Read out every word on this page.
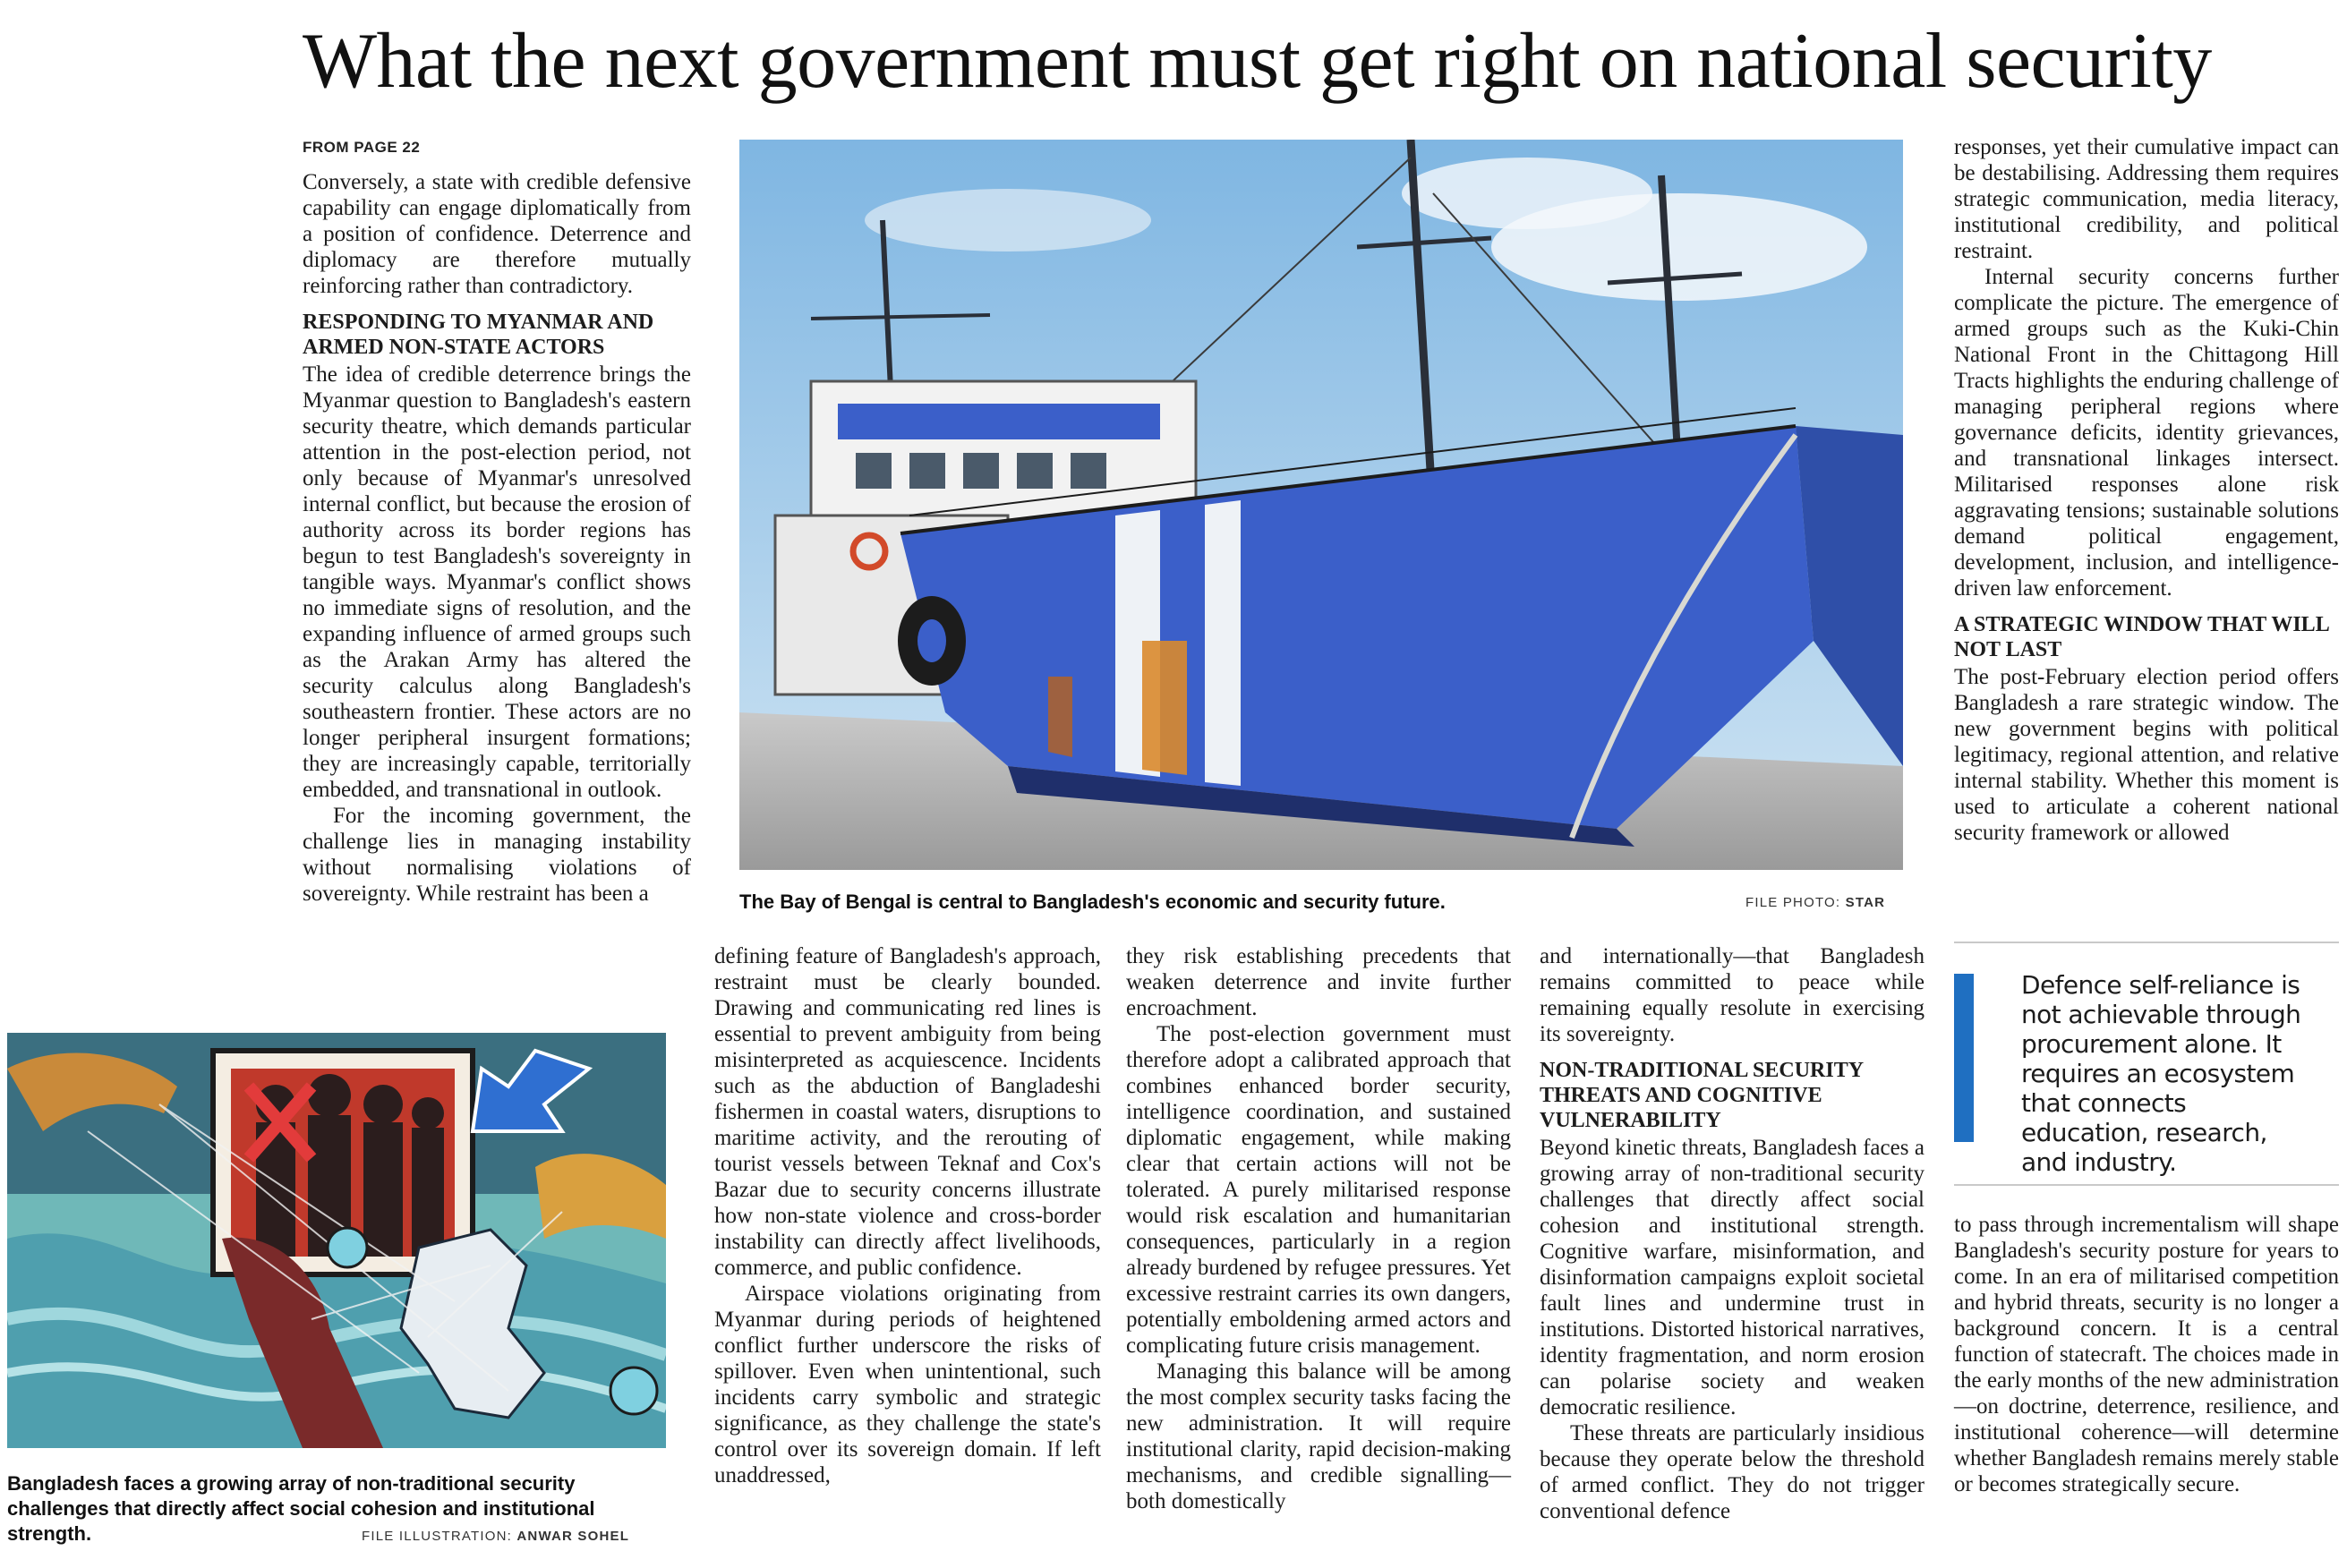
What the next government must get right on national security
FROM PAGE 22

Conversely, a state with credible defensive capability can engage diplomatically from a position of confidence. Deterrence and diplomacy are therefore mutually reinforcing rather than contradictory.

RESPONDING TO MYANMAR AND ARMED NON-STATE ACTORS

The idea of credible deterrence brings the Myanmar question to Bangladesh's eastern security theatre, which demands particular attention in the post-election period, not only because of Myanmar's unresolved internal conflict, but because the erosion of authority across its border regions has begun to test Bangladesh's sovereignty in tangible ways. Myanmar's conflict shows no immediate signs of resolution, and the expanding influence of armed groups such as the Arakan Army has altered the security calculus along Bangladesh's southeastern frontier. These actors are no longer peripheral insurgent formations; they are increasingly capable, territorially embedded, and transnational in outlook.

For the incoming government, the challenge lies in managing instability without normalising violations of sovereignty. While restraint has been a	The Bay of Bengal is central to Bangladesh's economic and security future.	FILE PHOTO: STAR

responses, yet their cumulative impact can be destabilising. Addressing them requires strategic communication, media literacy, institutional credibility, and political restraint.

Internal security concerns further complicate the picture. The emergence of armed groups such as the Kuki-Chin National Front in the Chittagong Hill Tracts highlights the enduring challenge of managing peripheral regions where governance deficits, identity grievances, and transnational linkages intersect. Militarised responses alone risk aggravating tensions; sustainable solutions demand political engagement, development, inclusion, and intelligence-driven law enforcement.

A STRATEGIC WINDOW THAT WILL NOT LAST

The post-February election period offers Bangladesh a rare strategic window. The new government begins with political legitimacy, regional attention, and relative internal stability. Whether this moment is used to articulate a coherent national security framework or allowed

Defence self-reliance is not achievable through procurement alone. It requires an ecosystem that connects education, research, and industry.

to pass through incrementalism will shape Bangladesh's security posture for years to come. In an era of militarised competition and hybrid threats, security is no longer a background concern. It is a central function of statecraft. The choices made in the early months of the new administration—on doctrine, deterrence, resilience, and institutional coherence—will determine whether Bangladesh remains merely stable or becomes strategically secure.

Bangladesh faces a growing array of non-traditional security challenges that directly affect social cohesion and institutional strength.	FILE ILLUSTRATION: ANWAR SOHEL

defining feature of Bangladesh's approach, restraint must be clearly bounded. Drawing and communicating red lines is essential to prevent ambiguity from being misinterpreted as acquiescence. Incidents such as the abduction of Bangladeshi fishermen in coastal waters, disruptions to maritime activity, and the rerouting of tourist vessels between Teknaf and Cox's Bazar due to security concerns illustrate how non-state violence and cross-border instability can directly affect livelihoods, commerce, and public confidence.

Airspace violations originating from Myanmar during periods of heightened conflict further underscore the risks of spillover. Even when unintentional, such incidents carry symbolic and strategic significance, as they challenge the state's control over its sovereign domain. If left unaddressed,

they risk establishing precedents that weaken deterrence and invite further encroachment.

The post-election government must therefore adopt a calibrated approach that combines enhanced border security, intelligence coordination, and sustained diplomatic engagement, while making clear that certain actions will not be tolerated. A purely militarised response would risk escalation and humanitarian consequences, particularly in a region already burdened by refugee pressures. Yet excessive restraint carries its own dangers, potentially emboldening armed actors and complicating future crisis management.

Managing this balance will be among the most complex security tasks facing the new administration. It will require institutional clarity, rapid decision-making mechanisms, and credible signalling—both domestically

and internationally—that Bangladesh remains committed to peace while remaining equally resolute in exercising its sovereignty.

NON-TRADITIONAL SECURITY THREATS AND COGNITIVE VULNERABILITY

Beyond kinetic threats, Bangladesh faces a growing array of non-traditional security challenges that directly affect social cohesion and institutional strength. Cognitive warfare, misinformation, and disinformation campaigns exploit societal fault lines and undermine trust in institutions. Distorted historical narratives, identity fragmentation, and norm erosion can polarise society and weaken democratic resilience.

These threats are particularly insidious because they operate below the threshold of armed conflict. They do not trigger conventional defence
